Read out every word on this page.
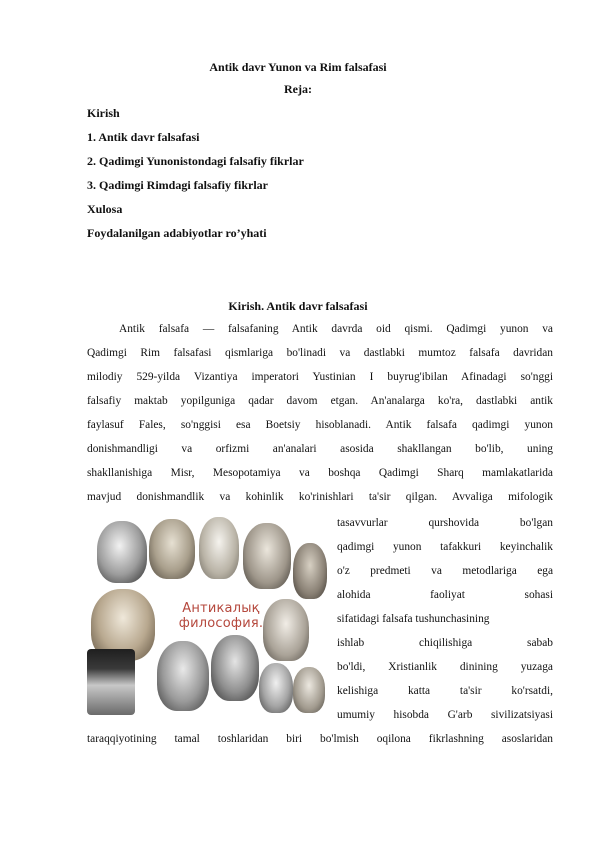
Antik davr Yunon va Rim falsafasi
Reja:
Kirish
1. Antik davr falsafasi
2. Qadimgi Yunonistondagi falsafiy fikrlar
3. Qadimgi Rimdagi falsafiy fikrlar
Xulosa
Foydalanilgan adabiyotlar ro’yhati
Kirish. Antik davr falsafasi
Antik falsafa — falsafaning Antik davrda oid qismi. Qadimgi yunon va
Qadimgi Rim falsafasi qismlariga bo'linadi va dastlabki mumtoz falsafa davridan
milodiy 529-yilda Vizantiya imperatori Yustinian I buyrug'ibilan Afinadagi so'nggi
falsafiy maktab yopilguniga qadar davom etgan. An'analarga ko'ra, dastlabki antik
faylasuf Fales, so'nggisi esa Boetsiy hisoblanadi. Antik falsafa qadimgi yunon
donishmandligi va orfizmi an'analari asosida shakllangan bo'lib, uning
shakllanishiga Misr, Mesopotamiya va boshqa Qadimgi Sharq mamlakatlarida
mavjud donishmandlik va kohinlik ko'rinishlari ta'sir qilgan. Avvaliga mifologik
tasavvurlar qurshovida bo'lgan
qadimgi yunon tafakkuri keyinchalik
o'z predmeti va metodlariga ega
alohida faoliyat sohasi
sifatidagi falsafa tushunchasining
ishlab chiqilishiga sabab
bo'ldi, Xristianlik dinining yuzaga
kelishiga katta ta'sir ko'rsatdi,
umumiy hisobda G'arb sivilizatsiyasi
taraqqiyotining tamal toshlaridan biri bo'lmish oqilona fikrlashning asoslaridan
Антикалық
философия.
